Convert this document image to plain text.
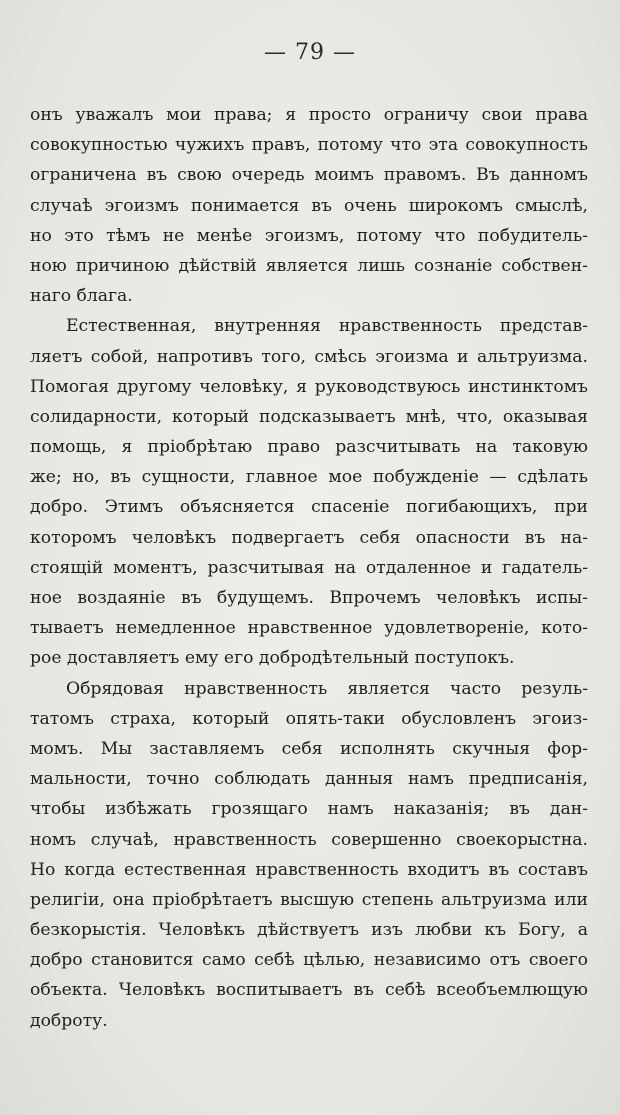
— 79 —
онъ уважалъ мои права; я просто ограничу свои права
совокупностью чужихъ правъ, потому что эта совокупность
ограничена въ свою очередь моимъ правомъ. Въ данномъ
случаѣ эгоизмъ понимается въ очень широкомъ смыслѣ,
но это тѣмъ не менѣе эгоизмъ, потому что побудитель-
ною причиною дѣйствій является лишь сознаніе собствен-
наго блага.
Естественная, внутренняя нравственность представ-
ляетъ собой, напротивъ того, смѣсь эгоизма и альтруизма.
Помогая другому человѣку, я руководствуюсь инстинктомъ
солидарности, который подсказываетъ мнѣ, что, оказывая
помощь, я пріобрѣтаю право разсчитывать на таковую
же; но, въ сущности, главное мое побужденіе — сдѣлать
добро. Этимъ объясняется спасеніе погибающихъ, при
которомъ человѣкъ подвергаетъ себя опасности въ на-
стоящій моментъ, разсчитывая на отдаленное и гадатель-
ное воздаяніе въ будущемъ. Впрочемъ человѣкъ испы-
тываетъ немедленное нравственное удовлетвореніе, кото-
рое доставляетъ ему его добродѣтельный поступокъ.
Обрядовая нравственность является часто резуль-
татомъ страха, который опять-таки обусловленъ эгоиз-
момъ. Мы заставляемъ себя исполнять скучныя фор-
мальности, точно соблюдать данныя намъ предписанія,
чтобы избѣжать грозящаго намъ наказанія; въ дан-
номъ случаѣ, нравственность совершенно своекорыстна.
Но когда естественная нравственность входитъ въ составъ
религіи, она пріобрѣтаетъ высшую степень альтруизма или
безкорыстія. Человѣкъ дѣйствуетъ изъ любви къ Богу, а
добро становится само себѣ цѣлью, независимо отъ своего
объекта. Человѣкъ воспитываетъ въ себѣ всеобъемлющую
доброту.
